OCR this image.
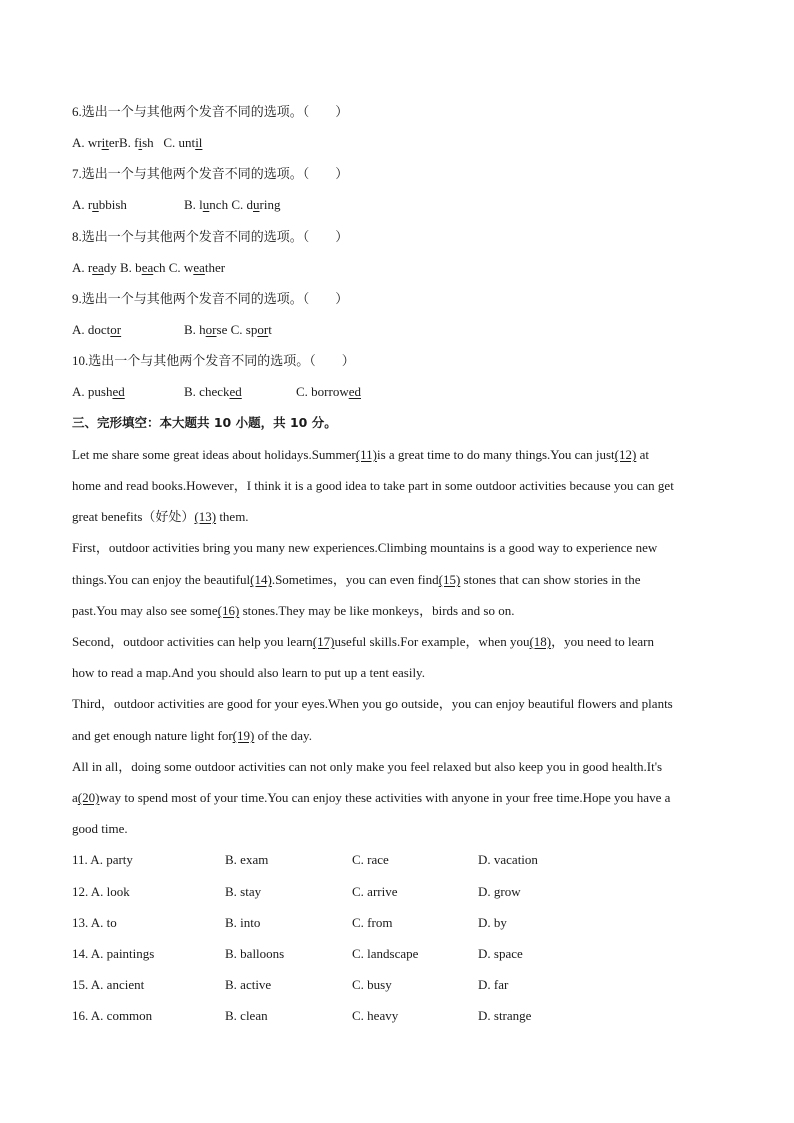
6.选出一个与其他两个发音不同的选项。（　　）
A. writerB. fish C. until
7.选出一个与其他两个发音不同的选项。（　　）
A. rubbish	B. lunch C. during
8.选出一个与其他两个发音不同的选项。（　　）
A. ready B. beach C. weather
9.选出一个与其他两个发音不同的选项。（　　）
A. doctor	B. horse C. sport
10.选出一个与其他两个发音不同的选项。（　　）
A. pushed	B. checked	C. borrowed
三、完形填空：本大题共 10 小题，共 10 分。
Let me share some great ideas about holidays.Summer(11)is a great time to do many things.You can just(12) at
home and read books.However，I think it is a good idea to take part in some outdoor activities because you can get
great benefits（好处）(13) them.
First，outdoor activities bring you many new experiences.Climbing mountains is a good way to experience new
things.You can enjoy the beautiful(14).Sometimes，you can even find(15) stones that can show stories in the
past.You may also see some(16) stones.They may be like monkeys，birds and so on.
Second，outdoor activities can help you learn(17)useful skills.For example，when you(18)，you need to learn
how to read a map.And you should also learn to put up a tent easily.
Third，outdoor activities are good for your eyes.When you go outside，you can enjoy beautiful flowers and plants
and get enough nature light for(19) of the day.
All in all，doing some outdoor activities can not only make you feel relaxed but also keep you in good health.It's
a(20)way to spend most of your time.You can enjoy these activities with anyone in your free time.Hope you have a
good time.
11. A. party	B. exam	C. race	D. vacation
12. A. look	B. stay	C. arrive	D. grow
13. A. to	B. into	C. from	D. by
14. A. paintings	B. balloons	C. landscape	D. space
15. A. ancient	B. active	C. busy	D. far
16. A. common	B. clean	C. heavy	D. strange
